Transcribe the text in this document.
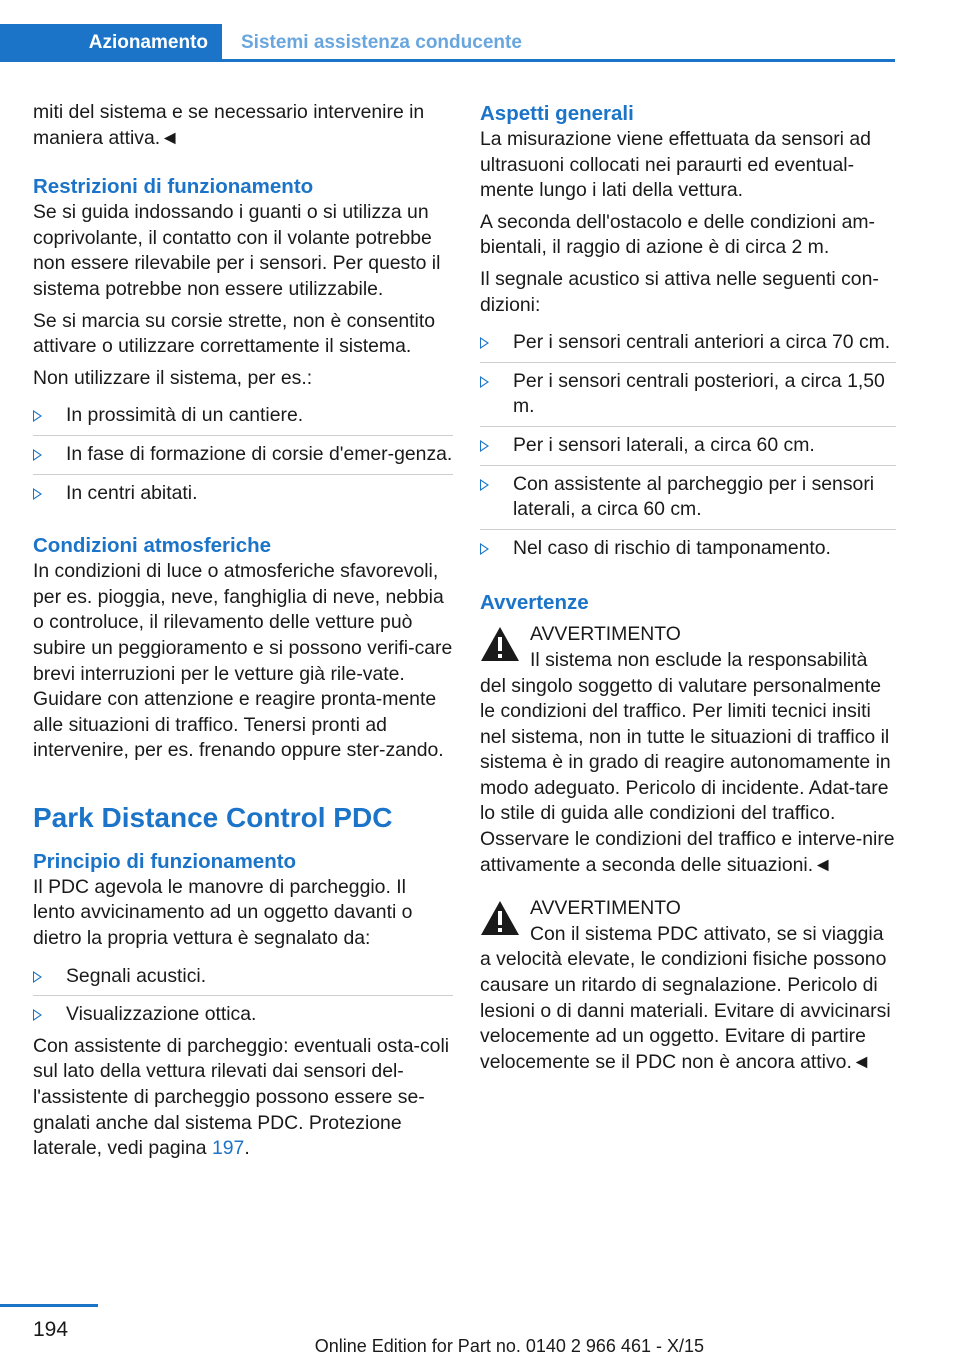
Azionamento	Sistemi assistenza conducente

miti del sistema e se necessario intervenire in maniera attiva.◄

Restrizioni di funzionamento

Se si guida indossando i guanti o si utilizza un coprivolante, il contatto con il volante potrebbe non essere rilevabile per i sensori. Per questo il sistema potrebbe non essere utilizzabile.

Se si marcia su corsie strette, non è consentito attivare o utilizzare correttamente il sistema.

Non utilizzare il sistema, per es.:

In prossimità di un cantiere.
In fase di formazione di corsie d'emer-genza.
In centri abitati.
Condizioni atmosferiche

In condizioni di luce o atmosferiche sfavorevoli, per es. pioggia, neve, fanghiglia di neve, nebbia o controluce, il rilevamento delle vetture può subire un peggioramento e si possono verifi-care brevi interruzioni per le vetture già rile-vate. Guidare con attenzione e reagire pronta-mente alle situazioni di traffico. Tenersi pronti ad intervenire, per es. frenando oppure ster-zando.

Park Distance Control PDC
Principio di funzionamento

Il PDC agevola le manovre di parcheggio. Il lento avvicinamento ad un oggetto davanti o dietro la propria vettura è segnalato da:

Segnali acustici.
Visualizzazione ottica.

Con assistente di parcheggio: eventuali osta-coli sul lato della vettura rilevati dai sensori del-l'assistente di parcheggio possono essere se-gnalati anche dal sistema PDC. Protezione laterale, vedi pagina 197.

Aspetti generali

La misurazione viene effettuata da sensori ad ultrasuoni collocati nei paraurti ed eventual-mente lungo i lati della vettura.

A seconda dell'ostacolo e delle condizioni am-bientali, il raggio di azione è di circa 2 m.

Il segnale acustico si attiva nelle seguenti con-dizioni:

Per i sensori centrali anteriori a circa 70 cm.
Per i sensori centrali posteriori, a circa 1,50 m.
Per i sensori laterali, a circa 60 cm.
Con assistente al parcheggio per i sensori laterali, a circa 60 cm.
Nel caso di rischio di tamponamento.
Avvertenze

AVVERTIMENTO

Il sistema non esclude la responsabilità del singolo soggetto di valutare personalmente le condizioni del traffico. Per limiti tecnici insiti nel sistema, non in tutte le situazioni di traffico il sistema è in grado di reagire autonomamente in modo adeguato. Pericolo di incidente. Adat-tare lo stile di guida alle condizioni del traffico. Osservare le condizioni del traffico e interve-nire attivamente a seconda delle situazioni.◄

AVVERTIMENTO

Con il sistema PDC attivato, se si viaggia a velocità elevate, le condizioni fisiche possono causare un ritardo di segnalazione. Pericolo di lesioni o di danni materiali. Evitare di avvicinarsi velocemente ad un oggetto. Evitare di partire velocemente se il PDC non è ancora attivo.◄

194
Online Edition for Part no. 0140 2 966 461 - X/15
